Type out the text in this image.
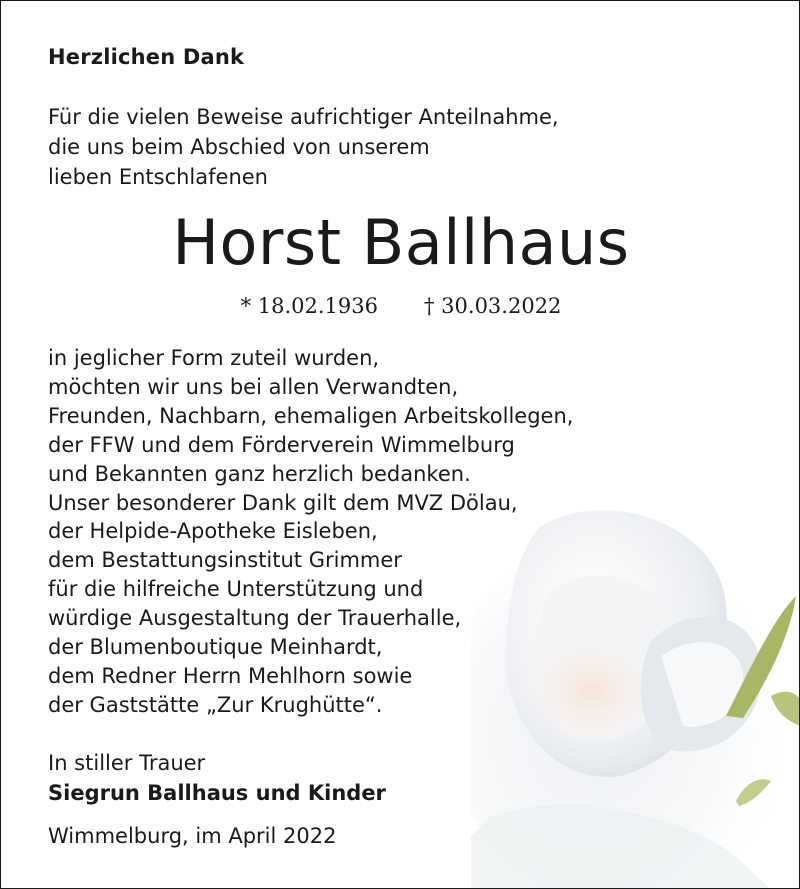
Herzlichen Dank
Für die vielen Beweise aufrichtiger Anteilnahme,
die uns beim Abschied von unserem
lieben Entschlafenen
Horst Ballhaus
* 18.02.1936 † 30.03.2022
in jeglicher Form zuteil wurden,
möchten wir uns bei allen Verwandten,
Freunden, Nachbarn, ehemaligen Arbeitskollegen,
der FFW und dem Förderverein Wimmelburg
und Bekannten ganz herzlich bedanken.
Unser besonderer Dank gilt dem MVZ Dölau,
der Helpide-Apotheke Eisleben,
dem Bestattungsinstitut Grimmer
für die hilfreiche Unterstützung und
würdige Ausgestaltung der Trauerhalle,
der Blumenboutique Meinhardt,
dem Redner Herrn Mehlhorn sowie
der Gaststätte „Zur Krughütte“.
In stiller Trauer
Siegrun Ballhaus und Kinder
Wimmelburg, im April 2022
